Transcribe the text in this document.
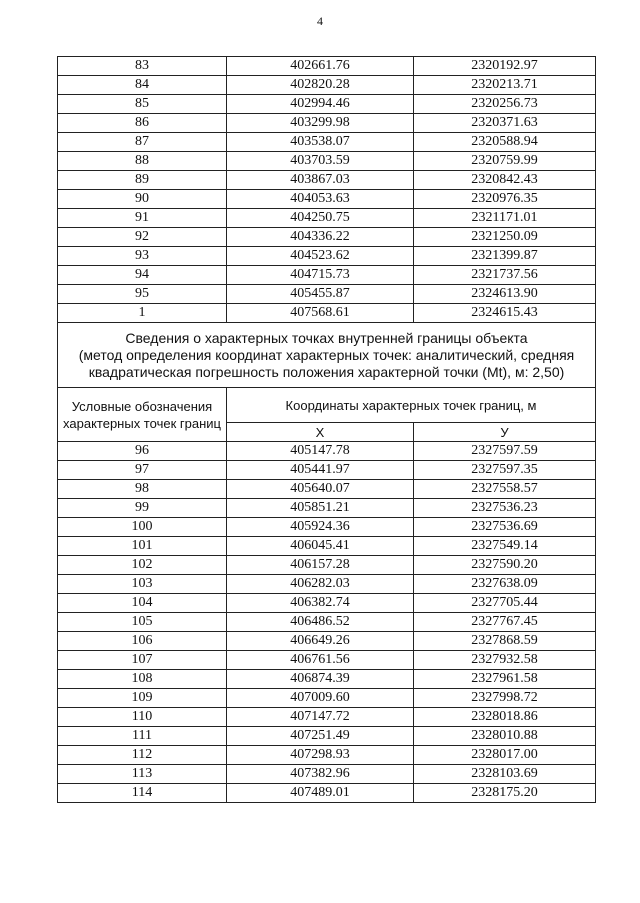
4
83	402661.76	2320192.97
84	402820.28	2320213.71
85	402994.46	2320256.73
86	403299.98	2320371.63
87	403538.07	2320588.94
88	403703.59	2320759.99
89	403867.03	2320842.43
90	404053.63	2320976.35
91	404250.75	2321171.01
92	404336.22	2321250.09
93	404523.62	2321399.87
94	404715.73	2321737.56
95	405455.87	2324613.90
1	407568.61	2324615.43

Сведения о характерных точках внутренней границы объекта
(метод определения координат характерных точек: аналитический, средняя
квадратическая погрешность положения характерной точки (Mt), м: 2,50)		

Условные обозначения характерных точек границ	Координаты характерных точек границ, м	
	X	У
96	405147.78	2327597.59
97	405441.97	2327597.35
98	405640.07	2327558.57
99	405851.21	2327536.23
100	405924.36	2327536.69
101	406045.41	2327549.14
102	406157.28	2327590.20
103	406282.03	2327638.09
104	406382.74	2327705.44
105	406486.52	2327767.45
106	406649.26	2327868.59
107	406761.56	2327932.58
108	406874.39	2327961.58
109	407009.60	2327998.72
110	407147.72	2328018.86
111	407251.49	2328010.88
112	407298.93	2328017.00
113	407382.96	2328103.69
114	407489.01	2328175.20
